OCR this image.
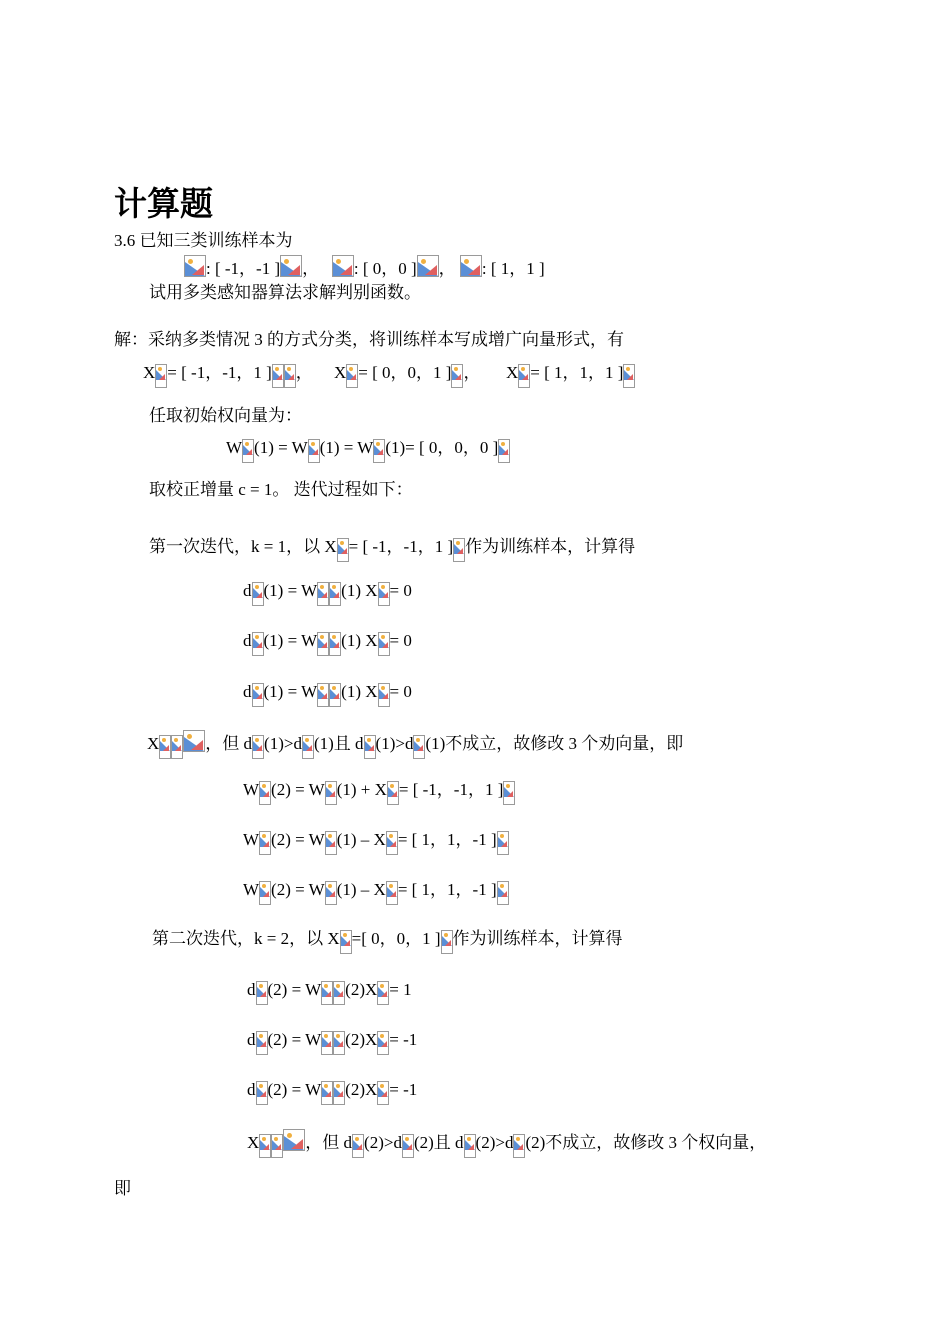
计算题
3.6 已知三类训练样本为
: [ -1，-1 ] ， : [ 0，0 ] ， : [ 1，1 ]
试用多类感知器算法求解判别函数。
解：采纳多类情况 3 的方式分类，将训练样本写成增广向量形式，有
X = [ -1，-1，1 ] ， X = [ 0，0，1 ] ， X = [ 1，1，1 ]
任取初始权向量为：
W (1) = W (1) = W (1)= [ 0，0，0 ]
取校正增量 c = 1。 迭代过程如下：
第一次迭代，k = 1，以 X = [ -1，-1，1 ] 作为训练样本，计算得
d (1) = W (1) X = 0
d (1) = W (1) X = 0
d (1) = W (1) X = 0
X	，但 d (1)>d (1)且 d (1)>d (1)不成立，故修改 3 个劝向量，即
W (2) = W (1) + X = [ -1，-1，1 ]
W (2) = W (1) – X = [ 1，1，-1 ]
W (2) = W (1) – X = [ 1，1，-1 ]
第二次迭代，k = 2，以 X =[ 0，0，1 ] 作为训练样本，计算得
d (2) = W (2)X = 1
d (2) = W (2)X = -1
d (2) = W (2)X = -1
X	，但 d (2)>d (2)且 d (2)>d (2)不成立，故修改 3 个权向量，
即
